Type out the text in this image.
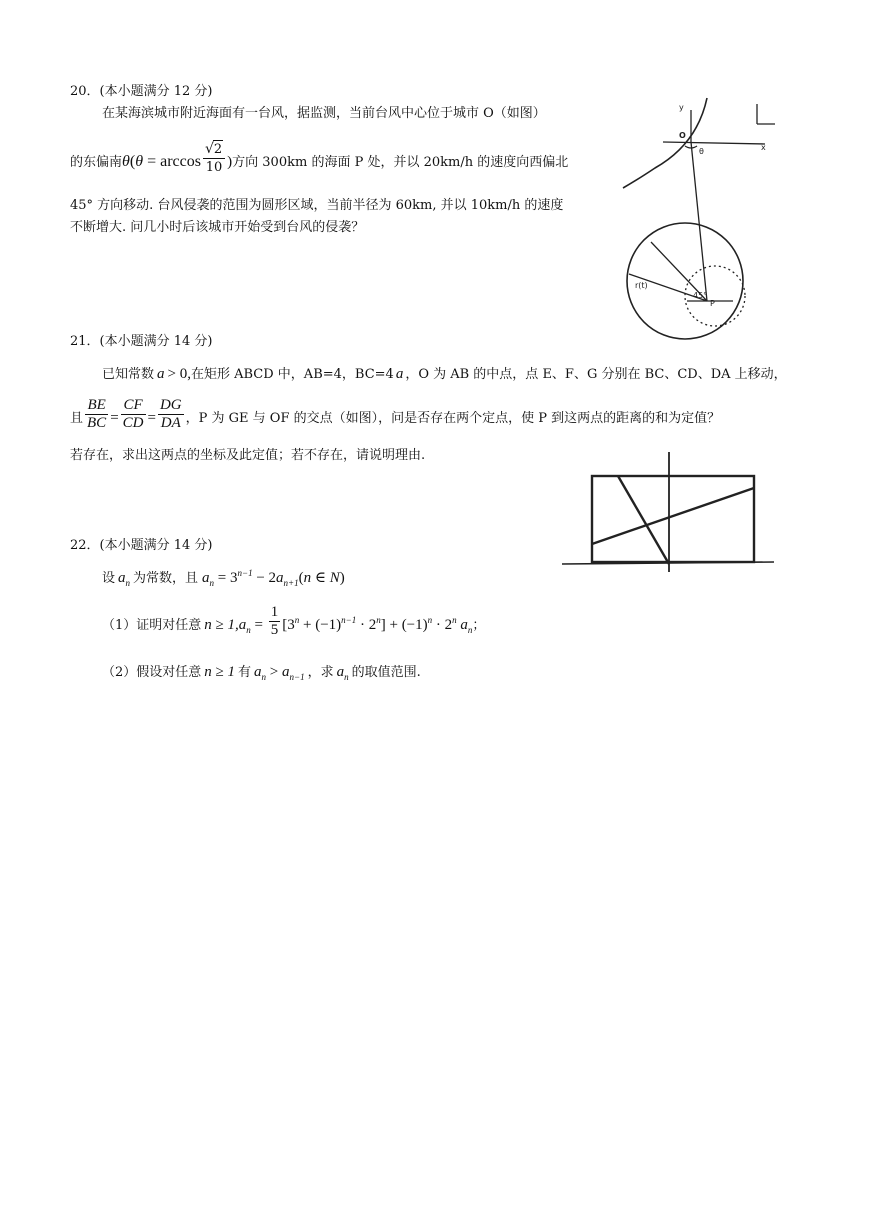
20．(本小题满分 12 分)
在某海滨城市附近海面有一台风，据监测，当前台风中心位于城市 O（如图）
的东偏南$\theta(\theta = \arccos \frac{√2}{10}$ )方向 300km 的海面 P 处，并以 20km/h 的速度向西偏北
45° 方向移动. 台风侵袭的范围为圆形区域，当前半径为 60km, 并以 10km/h 的速度
不断增大. 问几小时后该城市开始受到台风的侵袭？
y
x
O
θ
r(t)
P
45°
21．(本小题满分 14 分)
已知常数 a > 0,在矩形 ABCD 中，AB=4，BC=4 a ，O 为 AB 的中点，点 E、F、G 分别在 BC、CD、DA 上移动，
且 $\frac{BE}{BC} = \frac{CF}{CD} = \frac{DG}{DA}$ ，P 为 GE 与 OF 的交点（如图），问是否存在两个定点，使 P 到这两点的距离的和为定值？
若存在，求出这两点的坐标及此定值；若不存在，请说明理由.
22．(本小题满分 14 分)
设 $a_n$ 为常数，且 $a_n = 3^{n-1} - 2a_{n+1}(n$ ∈ N)
（1）证明对任意 $n \ge 1,a_n = \frac{1}{5} [3^n + (-1)^{n-1} \cdot 2^n] + (-1)^n \cdot 2^n$ $a_n$；
（2）假设对任意 n ≥ 1 有 $a_n > a_{n-1}$ ，求 $a_n$ 的取值范围.
